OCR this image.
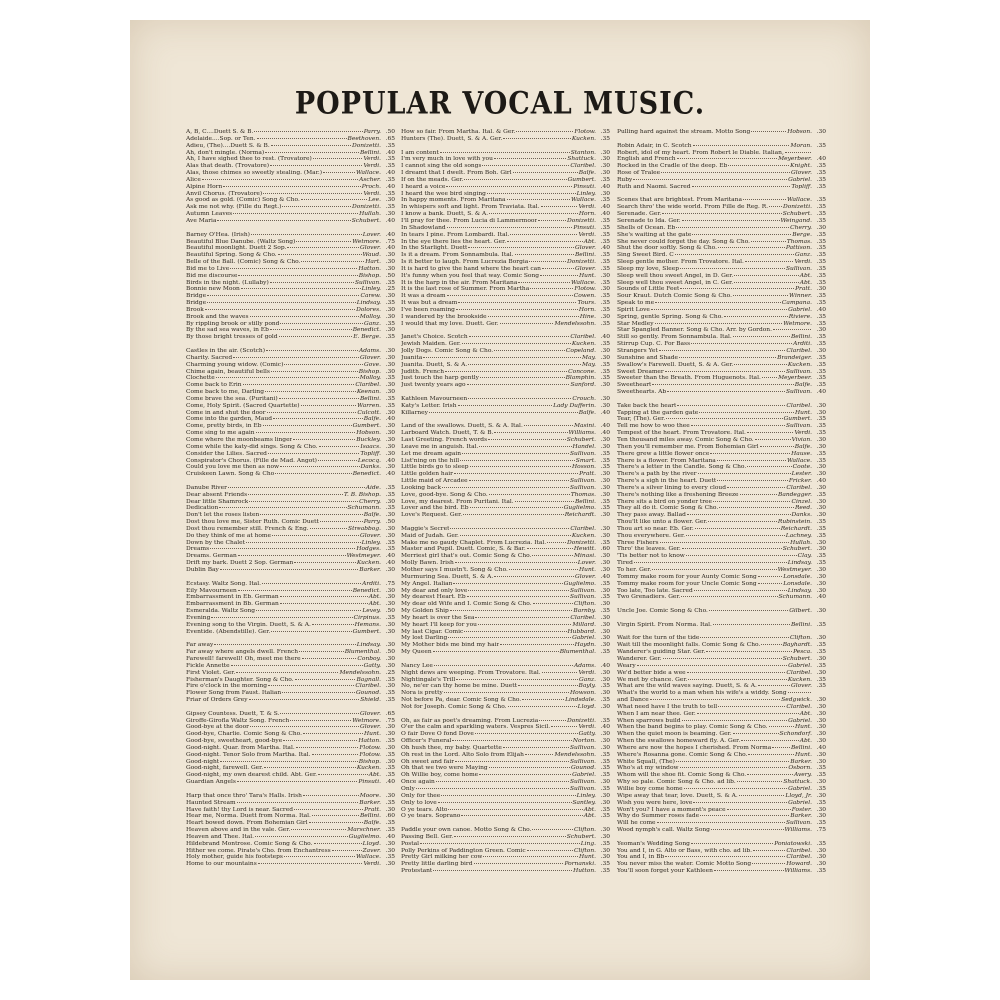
POPULAR VOCAL MUSIC.
A, B, C....Duett S. & B.	Parry. .50
Adelaide....Sop. or Ten.	Beethoven. .65
Adieu, (The)....Duett S. & B.	Donizetti. .35
Ah, don't mingle. (Norma)	Bellini. .40
Ah, I have sighed thee to rest. (Trovatore)	Verdi. .35
Alas that death. (Trovatore)	Verdi. .35
Alas, those chimes so sweetly stealing. (Mar.)	Wallace. .40
Alice	Ascher. .35
Alpine Horn	Proch. .40
Anvil Chorus. (Trovatore)	Verdi. .35
As good as gold. (Comic) Song & Cho.	Lee. .30
Ask me not why. (Fille du Regt.)	Donizetti. .35
Autumn Leaves	Hullah. .30
Ave Maria	Schubert. .40
Barney O'Hea. (Irish)	Lover. .40
Beautiful Blue Danube. (Waltz Song)	Wetmore. .75
Beautiful moonlight. Duett 2 Sop.	Glover. .40
Beautiful Spring. Song & Cho.	Waud. .30
Belle of the Ball. (Comic) Song & Cho.	Hart. .30
Bid me to Live	Hatton. .30
Bid me discourse	Bishop. .50
Birds in the night. (Lullaby)	Sullivan. .35
Bonnie new Moon	Linley. .25
Bridge	Carew. .30
Bridge	Lindsay. .35
Brook	Dolores. .30
Brook and the waves	Molloy. .30
By rippling brook or stilly pond	Ganz. .35
By the sad sea waves, in Eb	Benedict. .30
By those bright tresses of gold	E. Berge. .35
Castles in the air. (Scotch)	Adams. .30
Charity. Sacred	Glover. .30
Charming young widow. (Comic)	Gove. .30
Chime again, beautiful bells	Bishop. .30
Clochette	Molloy. .35
Come back to Erin	Claribel. .30
Come back to me, Darling	Keenan. .30
Come brave the sea. (Puritani)	Bellini. .35
Come, Holy Spirit. (Sacred Quartette)	Warren. .35
Come in and shut the door	Culcott. .30
Come into the garden, Maud	Balfe. .40
Come, pretty birds, in Eb	Gumbert. .30
Come sing to me again	Hobson. .30
Come where the moonbeams linger	Buckley. .30
Come while the katy-did sings. Song & Cho.	Isaacs. .30
Consider the Lilies. Sacred	Topliff. .30
Conspirator's Chorus. (Fille de Mad. Angot)	Lecocq. .40
Could you love me then as now	Danks. .30
Cruiskeen Lawn. Song & Cho	Benedict. .40
Danube River	Aide. .35
Dear absent Friends	T. B. Bishop. .35
Dear little Shamrock	Cherry. .30
Dedication	Schumann. .35
Don't let the roses listen	Balfe. .30
Dost thou love me, Sister Ruth. Comic Duett	Parry. .50
Dost thou remember still. French & Eng.	Streabbog. .30
Do they think of me at home	Glover. .30
Down by the Chalet	Linley. .35
Dreams	Hodges. .35
Dreams. German	Westmeyer. .40
Drift my bark. Duett 2 Sop. German	Kucken. .40
Dublin Bay	Barker. .30
Ecstasy. Waltz Song. Ital.	Arditi. .75
Eily Mavourneen	Benedict. .30
Embarrassment in Eb. German	Abt. .30
Embarrassment in Bb. German	Abt. .30
Esmeralda. Waltz Song	Levey. .50
Evening	Cirpinus. .35
Evening song to the Virgin. Duett, S. & A.	Hemans. .30
Eventide. (Abendstille). Ger.	Gumbert. .30
Far away	Lindsay. .30
Far away where angels dwell. French	Blumenthal. .50
Farewell! farewell! Oh, meet me there	Conboy. .30
Fickle Annette	Gatty. .30
First Violet. Ger.	Mendelssohn. .25
Fisherman's Daughter. Song & Cho.	Bagnall. .35
Fire o'clock in the morning	Claribel. .30
Flower Song from Faust. Italian	Gounod. .35
Friar of Orders Grey	Shield. .35
Gipsey Countess. Duett, T. & S.	Glover. .65
Giroffe-Girofla Waltz Song. French	Wetmore. .75
Good-bye at the door	Glover. .30
Good-bye, Charlie. Comic Song & Cho.	Hunt. .30
Good-bye, sweetheart, good-bye	Hatton. .35
Good-night. Quar. from Martha. Ital.	Flotow. .30
Good-night. Tenor Solo from Martha. Ital.	Flotow. .35
Good-night	Bishop. .30
Good-night, farewell. Ger.	Kucken. .35
Good-night, my own dearest child. Abt. Ger.	Abt. .35
Guardian Angels	Pinsuti. .40
Harp that once thro' Tara's Halls. Irish	Moore. .30
Haunted Stream	Barker. .35
Have faith! thy Lord is near. Sacred	Pratt. .30
Hear me, Norma. Duett from Norma. Ital.	Bellini. .60
Heart bowed down. From Bohemian Girl	Balfe. .35
Heaven above and in the vale. Ger.	Marschner. .35
Heaven and Thee. Ital.	Guglielmo. .40
Hildebrand Montrose. Comic Song & Cho.	Lloyd. .30
Hither we come. Pirate's Cho. from Enchantress	Zaver. .30
Holy mother, guide his footsteps	Wallace. .35
Home to our mountains	Verdi. .30
How so fair. From Martha. Ital. & Ger.	Flotow. .35
Hunters (The). Duett, S. & A. Ger.	Kucken. .35
I am content	Stanton. .30
I'm very much in love with you	Shattuck. .30
I cannot sing the old songs	Claribel. .30
I dreamt that I dwelt. From Boh. Girl	Balfe. .30
If on the meads. Ger.	Gumbert. .35
I heard a voice	Pinsuti. .40
I heard the wee bird singing	Linley. .30
In happy moments. From Maritana	Wallace. .35
In whispers soft and light. From Traviata. Ital.	Verdi. .40
I know a bank. Duett, S. & A.	Horn. .40
I'll pray for thee. From Lucia di Lammermoor	Donizetti. .35
In Shadowland	Pinsuti. .35
In tears I pine. From Lombardi. Ital.	Verdi. .35
In the eye there lies the heart. Ger.	Abt. .35
In the Starlight. Duett	Glover. .40
Is it a dream. From Sonnambula. Ital.	Bellini. .35
Is it better to laugh. From Lucrezia Borgia	Donizetti. .35
It is hard to give the hand where the heart can	Glover. .35
It's funny when you feel that way. Comic Song	Hunt. .30
It is the harp in the air. From Maritana	Wallace. .35
It is the last rose of Summer. From Martha	Flotow. .30
It was a dream	Cowen. .35
It was but a dream	Tours. .35
I've been roaming	Horn. .35
I wandered by the brookside	Hine. .30
I would that my love. Duett. Ger.	Mendelssohn. .35
Janet's Choice. Scotch	Claribel. .40
Jewish Maiden. Ger.	Kucken. .35
Jolly Dogs. Comic Song & Cho.	Copeland. .30
Juanita	May. .30
Juanita. Duett, S. & A.	May. .35
Judith. French	Concone. .35
Just touch the harp gently	Blamphin. .35
Just twenty years ago	Sanford. .30
Kathleen Mavourneen	Crouch. .30
Katy's Letter. Irish	Lady Dufferin. .30
Killarney	Balfe. .40
Land of the swallows. Duett, S. & A. Ital.	Masini. .40
Larboard Watch. Duett, T. & B.	Williams. .40
Last Greeting. French words	Schubert. .30
Leave me in anguish. Ital.	Handel. .30
Let me dream again	Sullivan. .35
List'ning on the hill	Smart. .35
Little birds go to sleep	Hosson. .35
Little golden hair	Pratt. .30
Little maid of Arcadee	Sullivan. .30
Looking back	Sullivan. .30
Love, good-bye. Song & Cho.	Thomas. .30
Love, my dearest. From Puritani. Ital.	Bellini. .35
Lover and the bird. Eb	Guglielmo. .35
Love's Request. Ger.	Reichardt. .30
Maggie's Secret	Claribel. .30
Maid of Judah. Ger.	Kucken. .30
Make me no gaudy Chaplet. From Lucrezia. Ital.	Donizetti. .35
Master and Pupil. Duett. Comic, S. & Bar.	Hewitt. .60
Merriest girl that's out. Comic Song & Cho.	Minasi. .30
Molly Bawn. Irish	Lover. .30
Mother says I mustn't. Song & Cho.	Hunt. .30
Murmuring Sea. Duett, S. & A.	Glover. .40
My Angel. Italian	Guglielmo. .35
My dear and only love	Sullivan. .30
My dearest Heart. Eb	Sullivan. .35
My dear old Wife and I. Comic Song & Cho.	Clifton. .30
My Golden Ship	Barnby. .35
My heart is over the Sea	Claribel. .30
My heart I'll keep for you	Millard. .30
My last Cigar. Comic	Hubbard. .30
My lost Darling	Gabriel. .30
My Mother bids me bind my hair	Haydn. .30
My Queen	Blumenthal. .35
Nancy Lee	Adams. .40
Night dews are weeping. From Trovatore. Ital.	Verdi. .30
Nightingale's Trill	Ganz. .30
No, ne'er can thy home be mine. Duett	Bayly. .35
Nora is pretty	Howson. .30
Not before Pa, dear. Comic Song & Cho.	Lindsdale. .35
Not for Joseph. Comic Song & Cho.	Lloyd. .30
Oh, as fair as poet's dreaming. From Lucrezia	Donizetti. .35
O'er the calm and sparkling waters. Vespres Sicil.	Verdi. .40
O fair Dove O fond Dove	Gatty. .30
Officer's Funeral	Norton. .30
Oh hush thee, my baby. Quartette	Sullivan. .30
Oh rest in the Lord. Alto Solo from Elijah	Mendelssohn. .35
Oh sweet and fair	Sullivan. .35
Oh that we two were Maying	Gounod. .35
Oh Willie boy, come home	Gabriel. .35
Once again	Sullivan. .30
Only	Sullivan. .35
Only for thee	Linley. .30
Only to love	Santley. .30
O ye tears. Alto	Abt. .35
O ye tears. Soprano	Abt. .35
Paddle your own canoe. Motto Song & Cho.	Clifton. .30
Passing Bell. Ger.	Schubert. .30
Postal	Ling. .35
Polly Perkins of Paddington Green. Comic	Clifton. .30
Pretty Girl milking her cow	Hunt. .30
Pretty little darling bird	Pornanski. .35
Protestant	Hutton. .35
Pulling hard against the stream. Motto Song	Hobson. .30
Robin Adair, in C. Scotch	Moran. .35
Robert, idol of my heart. From Robert le Diable. Italian,
English and French	Meyerbeer. .40
Rocked in the Cradle of the deep. Eb	Knight. .35
Rose of Tralee	Glover. .35
Ruby	Gabriel. .35
Ruth and Naomi. Sacred	Topliff. .35
Scenes that are brightest. From Maritana	Wallace. .35
Search thro' the wide world. From Fille de Reg. R.	Donizetti. .35
Serenade. Ger.	Schubert. .35
Serenade to Ida. Ger.	Weingand. .35
Shells of Ocean. Eb	Cherry. .30
She's waiting at the gate	Berge. .35
She never could forget the day. Song & Cho.	Thomas. .35
Shut the door softly. Song & Cho.	Pattison. .35
Sing Sweet Bird. C	Ganz. .35
Sleep gentle mother. From Trovatore. Ital.	Verdi. .35
Sleep my love, Sleep	Sullivan. .35
Sleep well thou sweet Angel, in D. Ger.	Abt. .35
Sleep well thou sweet Angel, in C. Ger.	Abt. .35
Sounds of Little Feet	Pratt. .30
Sour Kraut. Dutch Comic Song & Cho.	Winner. .35
Speak to me	Campana. .35
Spirit Love	Gabriel. .40
Spring, gentle Spring. Song & Cho.	Riviere. .35
Star Medley	Wetmore. .35
Star Spangled Banner. Song & Cho. Arr. by Gordon.	.30
Still so gently. From Sonnambula. Ital.	Bellini. .35
Stirrup Cup. C. For Bass	Arditi. .35
Strangers Yet	Claribel. .30
Sunshine and Shade	Brandeiger. .35
Swallow's Farewell. Duett, S. & A. Ger.	Kucken. .35
Sweet Dreamer	Sullivan. .35
Sweeter than the Breath. From Huguenots. Ital.	Meyerbeer. .35
Sweetheart	Balfe. .35
Sweethearts. Ab	Sullivan. .40
Take back the heart	Claribel. .30
Tapping at the garden gate	Hunt. .30
Tear, (The). Ger.	Gumbert. .35
Tell me how to woo thee	Sullivan. .35
Tempest of the heart. From Trovatore. Ital.	Verdi. .35
Ten thousand miles away. Comic Song & Cho.	Vivian. .30
Then you'll remember me. From Bohemian Girl	Balfe. .30
There grew a little flower once	Hause. .35
There is a flower. From Maritana	Wallace. .35
There's a letter in the Candle. Song & Cho.	Coote. .30
There's a path by the river	Lester. .30
There's a sigh in the heart. Duett	Fricker. .40
There's a silver lining to every cloud	Claribel. .30
There's nothing like a freshening Breeze	Bandegger. .35
There sits a bird on yonder tree	Cinzel. .30
They all do it. Comic Song & Cho.	Reed. .30
They pass away. Ballad	Danks. .30
Thou'lt like unto a flower. Ger.	Rubinstein. .35
Thou art so near. Eb. Ger.	Reichardt. .35
Thou everywhere. Ger.	Lachney. .35
Three Fishers	Hullah. .30
Thro' the leaves. Ger.	Schubert. .30
'Tis better not to know	Clay. .35
Tired	Lindsay. .35
To her. Ger.	Westmeyer. .30
Tommy make room for your Aunty Comic Song	Lonsdale. .30
Tommy make room for your Uncle Comic Song	Lonsdale. .30
Too late, Too late. Sacred	Lindsay. .30
Two Grenadiers. Ger.	Schumann. .40
Uncle Joe. Comic Song & Cho.	Gilbert. .30
Virgin Spirit. From Norma. Ital.	Bellini. .35
Wait for the turn of the tide	Clifton. .30
Wait till the moonlight falls. Comic Song & Cho.	Bayhardt. .35
Wanderer's guiding Star. Ger.	Pesca. .35
Wanderer. Ger.	Schubert. .30
Weary	Gabriel. .35
We'd better bide a wee	Claribel. .30
We met by chance. Ger.	Kucken. .35
What are the wild waves saying. Duett, S. & A.	Glover. .35
What's the world to a man when his wife's a widdy. Song
and Dance	Sedgwick. .30
What need have I the truth to tell	Claribel. .30
When I am near thee. Ger.	Abt. .30
When sparrows build	Gabriel. .30
When the band begins to play. Comic Song & Cho.	Hunt. .30
When the quiet moon is beaming. Ger.	Schondorf. .30
When the swallows homeward fly. A. Ger.	Abt. .30
Where are now the hopes I cherished. From Norma	Bellini. .40
Where's Rosanna gone. Comic Song & Cho.	Hunt. .30
White Squall, (The)	Barker. .30
Who's at my window	Osborn. .35
Whom will the shoe fit. Comic Song & Cho.	Avery. .35
Why so pale. Comic Song & Cho. ad lib.	Shattuck. .30
Willie boy come home	Gabriel. .35
Wipe away that tear, love. Duett, S. & A.	Lloyd, Jr. .30
Wish you were here, love	Gabriel. .35
Won't you? I have a moment's peace	Foster. .30
Why do Summer roses fade	Barker. .30
Will he come	Sullivan. .35
Wood nymph's call. Waltz Song	Williams. .75
Yeoman's Wedding Song	Poniatowski. .35
You and I, in G. Alto or Bass, with cho. ad lib.	Claribel. .30
You and I, in Bb	Claribel. .30
You never miss the water. Comic Motto Song	Howard. .30
You'll soon forget your Kathleen	Williams. .35
